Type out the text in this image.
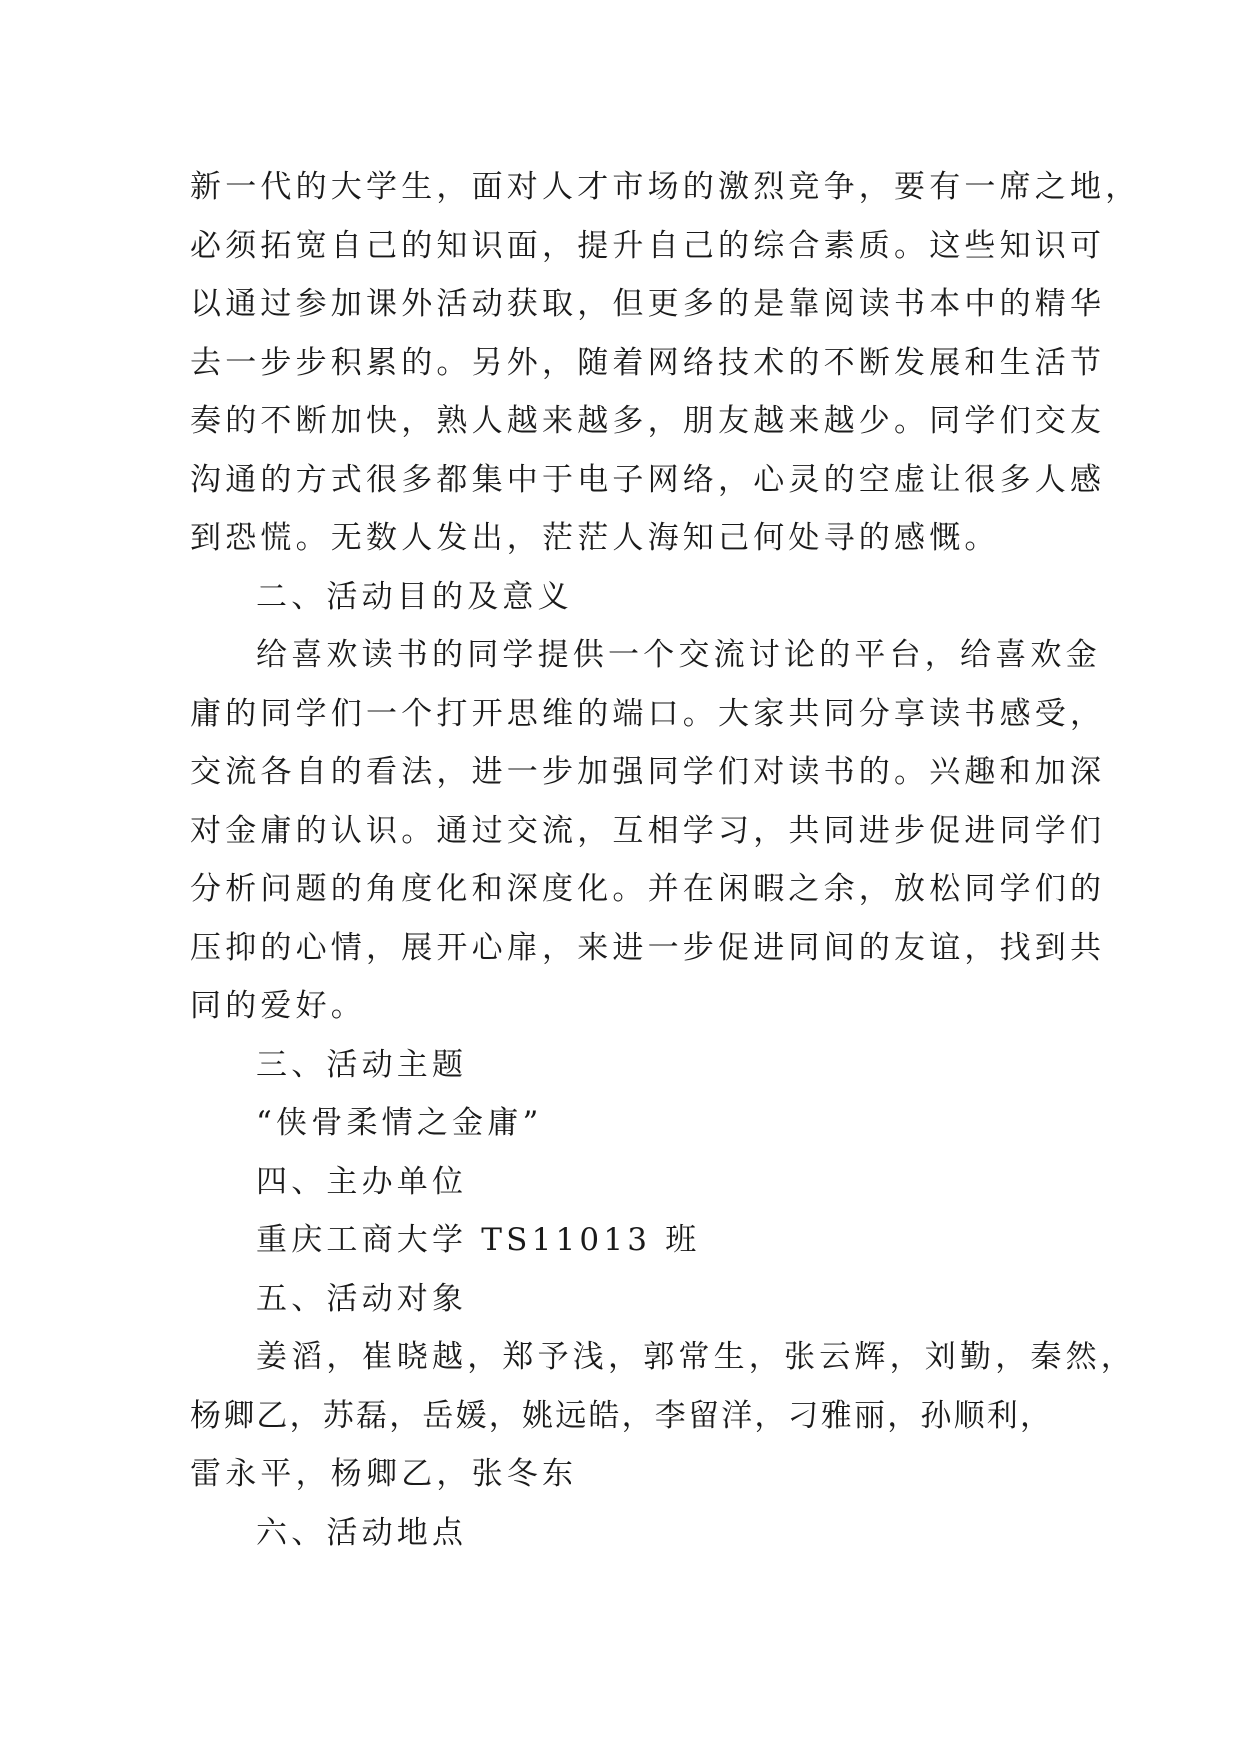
新一代的大学生，面对人才市场的激烈竞争，要有一席之地，
必须拓宽自己的知识面，提升自己的综合素质。这些知识可
以通过参加课外活动获取，但更多的是靠阅读书本中的精华
去一步步积累的。另外，随着网络技术的不断发展和生活节
奏的不断加快，熟人越来越多，朋友越来越少。同学们交友
沟通的方式很多都集中于电子网络，心灵的空虚让很多人感
到恐慌。无数人发出，茫茫人海知己何处寻的感慨。
二、活动目的及意义
给喜欢读书的同学提供一个交流讨论的平台，给喜欢金
庸的同学们一个打开思维的端口。大家共同分享读书感受，
交流各自的看法，进一步加强同学们对读书的。兴趣和加深
对金庸的认识。通过交流，互相学习，共同进步促进同学们
分析问题的角度化和深度化。并在闲暇之余，放松同学们的
压抑的心情，展开心扉，来进一步促进同间的友谊，找到共
同的爱好。
三、活动主题
“侠骨柔情之金庸”
四、主办单位
重庆工商大学 TS11013 班
五、活动对象
姜滔，崔晓越，郑予浅，郭常生，张云辉，刘勤，秦然，
杨卿乙，苏磊，岳媛，姚远皓，李留洋，刁雅丽，孙顺利，
雷永平，杨卿乙，张冬东
六、活动地点
